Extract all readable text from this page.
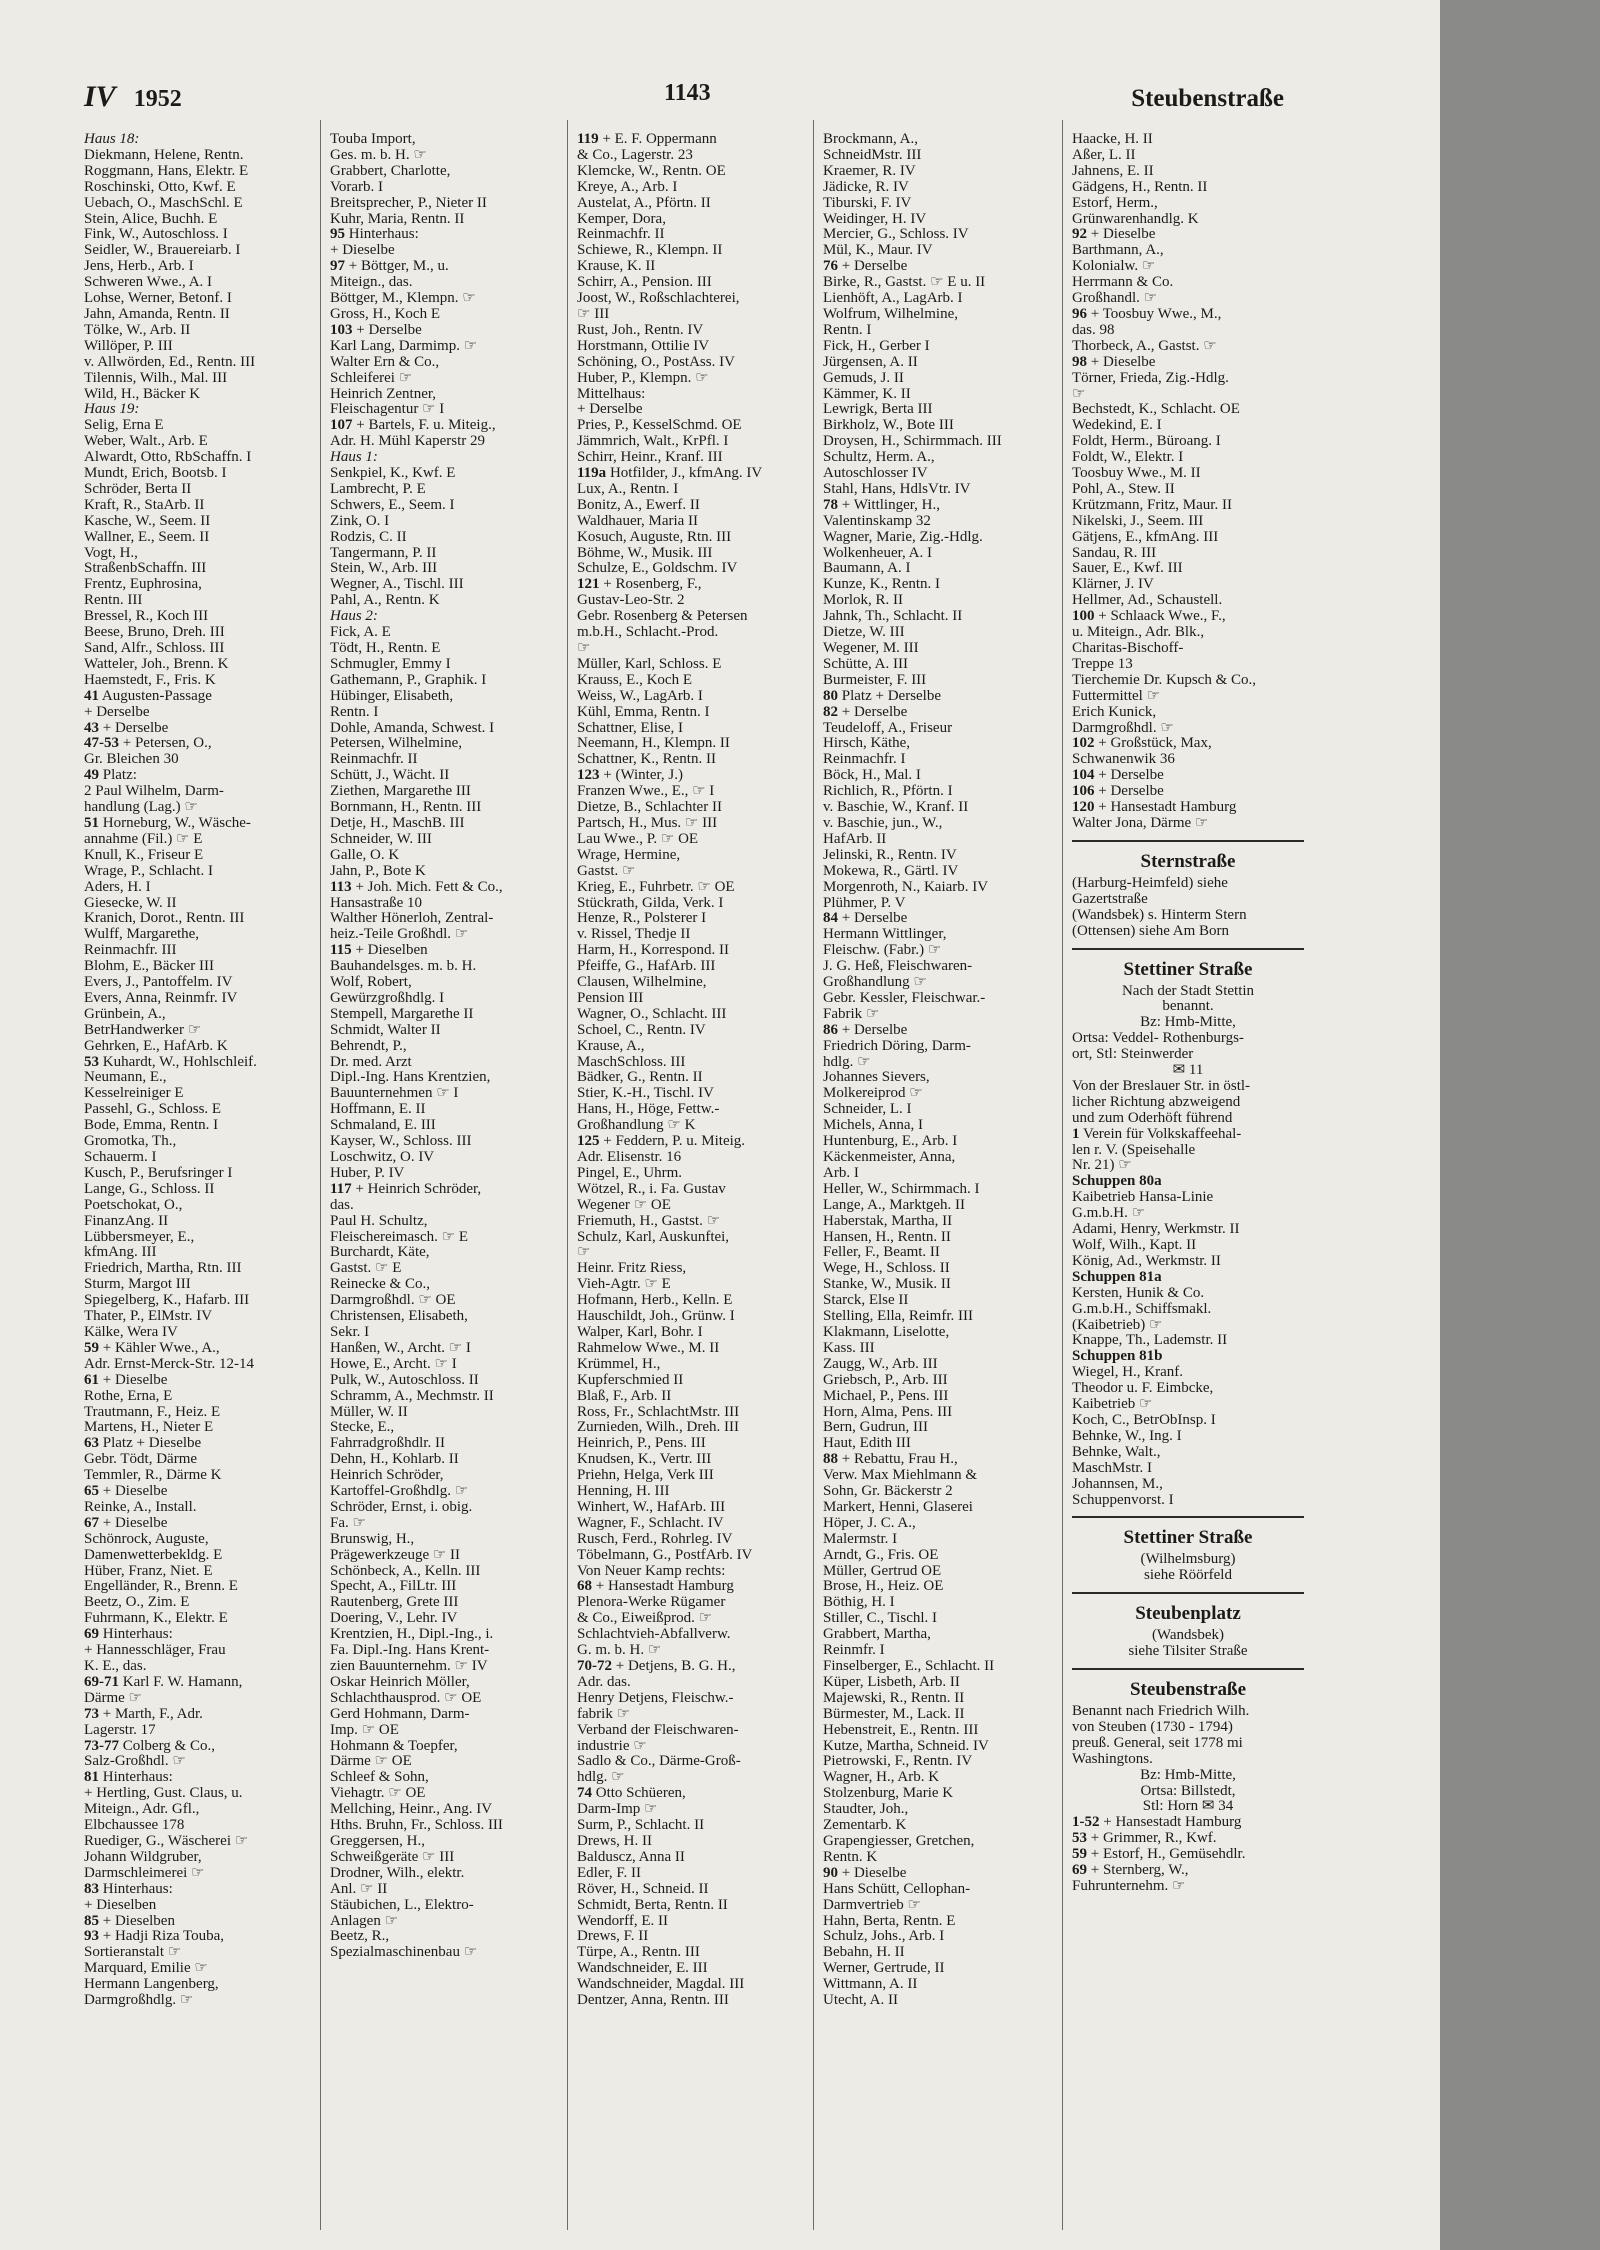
IV 1952	1143	Steubenstraße
Haus 18:
Diekmann, Helene, Rentn.
Roggmann, Hans, Elektr. E
Roschinski, Otto, Kwf. E
Uebach, O., MaschSchl. E
Stein, Alice, Buchh. E
Fink, W., Autoschloss. I
Seidler, W., Brauereiarb. I
Jens, Herb., Arb. I
Schweren Wwe., A. I
Lohse, Werner, Betonf. I
Jahn, Amanda, Rentn. II
Tölke, W., Arb. II
Willöper, P. III
v. Allwörden, Ed., Rentn. III
Tilennis, Wilh., Mal. III
Wild, H., Bäcker K
Haus 19:
Selig, Erna E
Weber, Walt., Arb. E
Alwardt, Otto, RbSchaffn. I
Mundt, Erich, Bootsb. I
Schröder, Berta II
Kraft, R., StaArb. II
Kasche, W., Seem. II
Wallner, E., Seem. II
Vogt, H.,
StraßenbSchaffn. III
Frentz, Euphrosina,
Rentn. III
Bressel, R., Koch III
Beese, Bruno, Dreh. III
Sand, Alfr., Schloss. III
Watteler, Joh., Brenn. K
Haemstedt, F., Fris. K
41 Augusten-Passage
+ Derselbe
43 + Derselbe
47-53 + Petersen, O.,
Gr. Bleichen 30
49 Platz:
2 Paul Wilhelm, Darm-
handlung (Lag.) ☞
51 Horneburg, W., Wäsche-
annahme (Fil.) ☞ E
Knull, K., Friseur E
Wrage, P., Schlacht. I
Aders, H. I
Giesecke, W. II
Kranich, Dorot., Rentn. III
Wulff, Margarethe,
Reinmachfr. III
Blohm, E., Bäcker III
Evers, J., Pantoffelm. IV
Evers, Anna, Reinmfr. IV
Grünbein, A.,
BetrHandwerker ☞
Gehrken, E., HafArb. K
53 Kuhardt, W., Hohlschleif.
Neumann, E.,
Kesselreiniger E
Passehl, G., Schloss. E
Bode, Emma, Rentn. I
Gromotka, Th.,
Schauerm. I
Kusch, P., Berufsringer I
Lange, G., Schloss. II
Poetschokat, O.,
FinanzAng. II
Lübbersmeyer, E.,
kfmAng. III
Friedrich, Martha, Rtn. III
Sturm, Margot III
Spiegelberg, K., Hafarb. III
Thater, P., ElMstr. IV
Kälke, Wera IV
59 + Kähler Wwe., A.,
Adr. Ernst-Merck-Str. 12-14
61 + Dieselbe
Rothe, Erna, E
Trautmann, F., Heiz. E
Martens, H., Nieter E
63 Platz + Dieselbe
Gebr. Tödt, Därme
Temmler, R., Därme K
65 + Dieselbe
Reinke, A., Install.
67 + Dieselbe
Schönrock, Auguste,
Damenwetterbekldg. E
Hüber, Franz, Niet. E
Engelländer, R., Brenn. E
Beetz, O., Zim. E
Fuhrmann, K., Elektr. E
69 Hinterhaus:
+ Hannesschläger, Frau
K. E., das.
69-71 Karl F. W. Hamann,
Därme ☞
73 + Marth, F., Adr.
Lagerstr. 17
73-77 Colberg & Co.,
Salz-Großhdl. ☞
81 Hinterhaus:
+ Hertling, Gust. Claus, u.
Miteign., Adr. Gfl.,
Elbchaussee 178
Ruediger, G., Wäscherei ☞
Johann Wildgruber,
Darmschleimerei ☞
83 Hinterhaus:
+ Dieselben
85 + Dieselben
93 + Hadji Riza Touba,
Sortieranstalt ☞
Marquard, Emilie ☞
Hermann Langenberg,
Darmgroßhdlg. ☞
Touba Import,
Ges. m. b. H. ☞
Grabbert, Charlotte,
Vorarb. I
Breitsprecher, P., Nieter II
Kuhr, Maria, Rentn. II
95 Hinterhaus:
+ Dieselbe
97 + Böttger, M., u.
Miteign., das.
Böttger, M., Klempn. ☞
Gross, H., Koch E
103 + Derselbe
Karl Lang, Darmimp. ☞
Walter Ern & Co.,
Schleiferei ☞
Heinrich Zentner,
Fleischagentur ☞ I
107 + Bartels, F. u. Miteig.,
Adr. H. Mühl Kaperstr 29
Haus 1:
Senkpiel, K., Kwf. E
Lambrecht, P. E
Schwers, E., Seem. I
Zink, O. I
Rodzis, C. II
Tangermann, P. II
Stein, W., Arb. III
Wegner, A., Tischl. III
Pahl, A., Rentn. K
Haus 2:
Fick, A. E
Tödt, H., Rentn. E
Schmugler, Emmy I
Gathemann, P., Graphik. I
Hübinger, Elisabeth,
Rentn. I
Dohle, Amanda, Schwest. I
Petersen, Wilhelmine,
Reinmachfr. II
Schütt, J., Wächt. II
Ziethen, Margarethe III
Bornmann, H., Rentn. III
Detje, H., MaschB. III
Schneider, W. III
Galle, O. K
Jahn, P., Bote K
113 + Joh. Mich. Fett & Co.,
Hansastraße 10
Walther Hönerloh, Zentral-
heiz.-Teile Großhdl. ☞
115 + Dieselben
Bauhandelsges. m. b. H.
Wolf, Robert,
Gewürzgroßhdlg. I
Stempell, Margarethe II
Schmidt, Walter II
Behrendt, P.,
Dr. med. Arzt
Dipl.-Ing. Hans Krentzien,
Bauunternehmen ☞ I
Hoffmann, E. II
Schmaland, E. III
Kayser, W., Schloss. III
Loschwitz, O. IV
Huber, P. IV
117 + Heinrich Schröder,
das.
Paul H. Schultz,
Fleischereimasch. ☞ E
Burchardt, Käte,
Gastst. ☞ E
Reinecke & Co.,
Darmgroßhdl. ☞ OE
Christensen, Elisabeth,
Sekr. I
Hanßen, W., Archt. ☞ I
Howe, E., Archt. ☞ I
Pulk, W., Autoschloss. II
Schramm, A., Mechmstr. II
Müller, W. II
Stecke, E.,
Fahrradgroßhdlr. II
Dehn, H., Kohlarb. II
Heinrich Schröder,
Kartoffel-Großhdlg. ☞
Schröder, Ernst, i. obig.
Fa. ☞
Brunswig, H.,
Prägewerkzeuge ☞ II
Schönbeck, A., Kelln. III
Specht, A., FilLtr. III
Rautenberg, Grete III
Doering, V., Lehr. IV
Krentzien, H., Dipl.-Ing., i.
Fa. Dipl.-Ing. Hans Krent-
zien Bauunternehm. ☞ IV
Oskar Heinrich Möller,
Schlachthausprod. ☞ OE
Gerd Hohmann, Darm-
Imp. ☞ OE
Hohmann & Toepfer,
Därme ☞ OE
Schleef & Sohn,
Viehagtr. ☞ OE
Mellching, Heinr., Ang. IV
Hths. Bruhn, Fr., Schloss. III
Greggersen, H.,
Schweißgeräte ☞ III
Drodner, Wilh., elektr.
Anl. ☞ II
Stäubichen, L., Elektro-
Anlagen ☞
Beetz, R.,
Spezialmaschinenbau ☞
119 + E. F. Oppermann
& Co., Lagerstr. 23
Klemcke, W., Rentn. OE
Kreye, A., Arb. I
Austelat, A., Pförtn. II
Kemper, Dora,
Reinmachfr. II
Schiewe, R., Klempn. II
Krause, K. II
Schirr, A., Pension. III
Joost, W., Roßschlachterei,
☞ III
Rust, Joh., Rentn. IV
Horstmann, Ottilie IV
Schöning, O., PostAss. IV
Huber, P., Klempn. ☞
Mittelhaus:
+ Derselbe
Pries, P., KesselSchmd. OE
Jämmrich, Walt., KrPfl. I
Schirr, Heinr., Kranf. III
119a Hotfilder, J., kfmAng. IV
Lux, A., Rentn. I
Bonitz, A., Ewerf. II
Waldhauer, Maria II
Kosuch, Auguste, Rtn. III
Böhme, W., Musik. III
Schulze, E., Goldschm. IV
121 + Rosenberg, F.,
Gustav-Leo-Str. 2
Gebr. Rosenberg & Petersen
m.b.H., Schlacht.-Prod.
☞
Müller, Karl, Schloss. E
Krauss, E., Koch E
Weiss, W., LagArb. I
Kühl, Emma, Rentn. I
Schattner, Elise, I
Neemann, H., Klempn. II
Schattner, K., Rentn. II
123 + (Winter, J.)
Franzen Wwe., E., ☞ I
Dietze, B., Schlachter II
Partsch, H., Mus. ☞ III
Lau Wwe., P. ☞ OE
Wrage, Hermine,
Gastst. ☞
Krieg, E., Fuhrbetr. ☞ OE
Stückrath, Gilda, Verk. I
Henze, R., Polsterer I
v. Rissel, Thedje II
Harm, H., Korrespond. II
Pfeiffe, G., HafArb. III
Clausen, Wilhelmine,
Pension III
Wagner, O., Schlacht. III
Schoel, C., Rentn. IV
Krause, A.,
MaschSchloss. III
Bädker, G., Rentn. II
Stier, K.-H., Tischl. IV
Hans, H., Höge, Fettw.-
Großhandlung ☞ K
125 + Feddern, P. u. Miteig.
Adr. Elisenstr. 16
Pingel, E., Uhrm.
Wötzel, R., i. Fa. Gustav
Wegener ☞ OE
Friemuth, H., Gastst. ☞
Schulz, Karl, Auskunftei,
☞
Heinr. Fritz Riess,
Vieh-Agtr. ☞ E
Hofmann, Herb., Kelln. E
Hauschildt, Joh., Grünw. I
Walper, Karl, Bohr. I
Rahmelow Wwe., M. II
Krümmel, H.,
Kupferschmied II
Blaß, F., Arb. II
Ross, Fr., SchlachtMstr. III
Zurnieden, Wilh., Dreh. III
Heinrich, P., Pens. III
Knudsen, K., Vertr. III
Priehn, Helga, Verk III
Henning, H. III
Winhert, W., HafArb. III
Wagner, F., Schlacht. IV
Rusch, Ferd., Rohrleg. IV
Töbelmann, G., PostfArb. IV
Von Neuer Kamp rechts:
68 + Hansestadt Hamburg
Plenora-Werke Rügamer
& Co., Eiweißprod. ☞
Schlachtvieh-Abfallverw.
G. m. b. H. ☞
70-72 + Detjens, B. G. H.,
Adr. das.
Henry Detjens, Fleischw.-
fabrik ☞
Verband der Fleischwaren-
industrie ☞
Sadlo & Co., Därme-Groß-
hdlg. ☞
74 Otto Schüeren,
Darm-Imp ☞
Surm, P., Schlacht. II
Drews, H. II
Balduscz, Anna II
Edler, F. II
Röver, H., Schneid. II
Schmidt, Berta, Rentn. II
Wendorff, E. II
Drews, F. II
Türpe, A., Rentn. III
Wandschneider, E. III
Wandschneider, Magdal. III
Dentzer, Anna, Rentn. III
Brockmann, A.,
SchneidMstr. III
Kraemer, R. IV
Jädicke, R. IV
Tiburski, F. IV
Weidinger, H. IV
Mercier, G., Schloss. IV
Mül, K., Maur. IV
76 + Derselbe
Birke, R., Gastst. ☞ E u. II
Lienhöft, A., LagArb. I
Wolfrum, Wilhelmine,
Rentn. I
Fick, H., Gerber I
Jürgensen, A. II
Gemuds, J. II
Kämmer, K. II
Lewrigk, Berta III
Birkholz, W., Bote III
Droysen, H., Schirmmach. III
Schultz, Herm. A.,
Autoschlosser IV
Stahl, Hans, HdlsVtr. IV
78 + Wittlinger, H.,
Valentinskamp 32
Wagner, Marie, Zig.-Hdlg.
Wolkenheuer, A. I
Baumann, A. I
Kunze, K., Rentn. I
Morlok, R. II
Jahnk, Th., Schlacht. II
Dietze, W. III
Wegener, M. III
Schütte, A. III
Burmeister, F. III
80 Platz + Derselbe
82 + Derselbe
Teudeloff, A., Friseur
Hirsch, Käthe,
Reinmachfr. I
Böck, H., Mal. I
Richlich, R., Pförtn. I
v. Baschie, W., Kranf. II
v. Baschie, jun., W.,
HafArb. II
Jelinski, R., Rentn. IV
Mokewa, R., Gärtl. IV
Morgenroth, N., Kaiarb. IV
Plühmer, P. V
84 + Derselbe
Hermann Wittlinger,
Fleischw. (Fabr.) ☞
J. G. Heß, Fleischwaren-
Großhandlung ☞
Gebr. Kessler, Fleischwar.-
Fabrik ☞
86 + Derselbe
Friedrich Döring, Darm-
hdlg. ☞
Johannes Sievers,
Molkereiprod ☞
Schneider, L. I
Michels, Anna, I
Huntenburg, E., Arb. I
Käckenmeister, Anna,
Arb. I
Heller, W., Schirmmach. I
Lange, A., Marktgeh. II
Haberstak, Martha, II
Hansen, H., Rentn. II
Feller, F., Beamt. II
Wege, H., Schloss. II
Stanke, W., Musik. II
Starck, Else II
Stelling, Ella, Reimfr. III
Klakmann, Liselotte,
Kass. III
Zaugg, W., Arb. III
Griebsch, P., Arb. III
Michael, P., Pens. III
Horn, Alma, Pens. III
Bern, Gudrun, III
Haut, Edith III
88 + Rebattu, Frau H.,
Verw. Max Miehlmann &
Sohn, Gr. Bäckerstr 2
Markert, Henni, Glaserei
Höper, J. C. A.,
Malermstr. I
Arndt, G., Fris. OE
Müller, Gertrud OE
Brose, H., Heiz. OE
Böthig, H. I
Stiller, C., Tischl. I
Grabbert, Martha,
Reinmfr. I
Finselberger, E., Schlacht. II
Küper, Lisbeth, Arb. II
Majewski, R., Rentn. II
Bürmester, M., Lack. II
Hebenstreit, E., Rentn. III
Kutze, Martha, Schneid. IV
Pietrowski, F., Rentn. IV
Wagner, H., Arb. K
Stolzenburg, Marie K
Staudter, Joh.,
Zementarb. K
Grapengiesser, Gretchen,
Rentn. K
90 + Dieselbe
Hans Schütt, Cellophan-
Darmvertrieb ☞
Hahn, Berta, Rentn. E
Schulz, Johs., Arb. I
Bebahn, H. II
Werner, Gertrude, II
Wittmann, A. II
Utecht, A. II
Haacke, H. II
Aßer, L. II
Jahnens, E. II
Gädgens, H., Rentn. II
Estorf, Herm.,
Grünwarenhandlg. K
92 + Dieselbe
Barthmann, A.,
Kolonialw. ☞
Herrmann & Co.
Großhandl. ☞
96 + Toosbuy Wwe., M.,
das. 98
Thorbeck, A., Gastst. ☞
98 + Dieselbe
Törner, Frieda, Zig.-Hdlg.
☞
Bechstedt, K., Schlacht. OE
Wedekind, E. I
Foldt, Herm., Büroang. I
Foldt, W., Elektr. I
Toosbuy Wwe., M. II
Pohl, A., Stew. II
Krützmann, Fritz, Maur. II
Nikelski, J., Seem. III
Gätjens, E., kfmAng. III
Sandau, R. III
Sauer, E., Kwf. III
Klärner, J. IV
Hellmer, Ad., Schaustell.
100 + Schlaack Wwe., F.,
u. Miteign., Adr. Blk.,
Charitas-Bischoff-
Treppe 13
Tierchemie Dr. Kupsch & Co.,
Futtermittel ☞
Erich Kunick,
Darmgroßhdl. ☞
102 + Großstück, Max,
Schwanenwik 36
104 + Derselbe
106 + Derselbe
120 + Hansestadt Hamburg
Walter Jona, Därme ☞
Sternstraße
(Harburg-Heimfeld) siehe
Gazertstraße
(Wandsbek) s. Hinterm Stern
(Ottensen) siehe Am Born
Stettiner Straße
Nach der Stadt Stettin
benannt.
Bz: Hmb-Mitte,
Ortsa: Veddel- Rothenburgs-
ort, Stl: Steinwerder
✉ 11
Von der Breslauer Str. in östl-
licher Richtung abzweigend
und zum Oderhöft führend
1 Verein für Volkskaffeehal-
len r. V. (Speisehalle
Nr. 21) ☞
Schuppen 80a
Kaibetrieb Hansa-Linie
G.m.b.H. ☞
Adami, Henry, Werkmstr. II
Wolf, Wilh., Kapt. II
König, Ad., Werkmstr. II
Schuppen 81a
Kersten, Hunik & Co.
G.m.b.H., Schiffsmakl.
(Kaibetrieb) ☞
Knappe, Th., Lademstr. II
Schuppen 81b
Wiegel, H., Kranf.
Theodor u. F. Eimbcke,
Kaibetrieb ☞
Koch, C., BetrObInsp. I
Behnke, W., Ing. I
Behnke, Walt.,
MaschMstr. I
Johannsen, M.,
Schuppenvorst. I
Stettiner Straße
(Wilhelmsburg)
siehe Röörfeld
Steubenplatz
(Wandsbek)
siehe Tilsiter Straße
Steubenstraße
Benannt nach Friedrich Wilh.
von Steuben (1730 - 1794)
preuß. General, seit 1778 mi
Washingtons.
Bz: Hmb-Mitte,
Ortsa: Billstedt,
Stl: Horn ✉ 34
1-52 + Hansestadt Hamburg
53 + Grimmer, R., Kwf.
59 + Estorf, H., Gemüsehdlr.
69 + Sternberg, W.,
Fuhrunternehm. ☞
